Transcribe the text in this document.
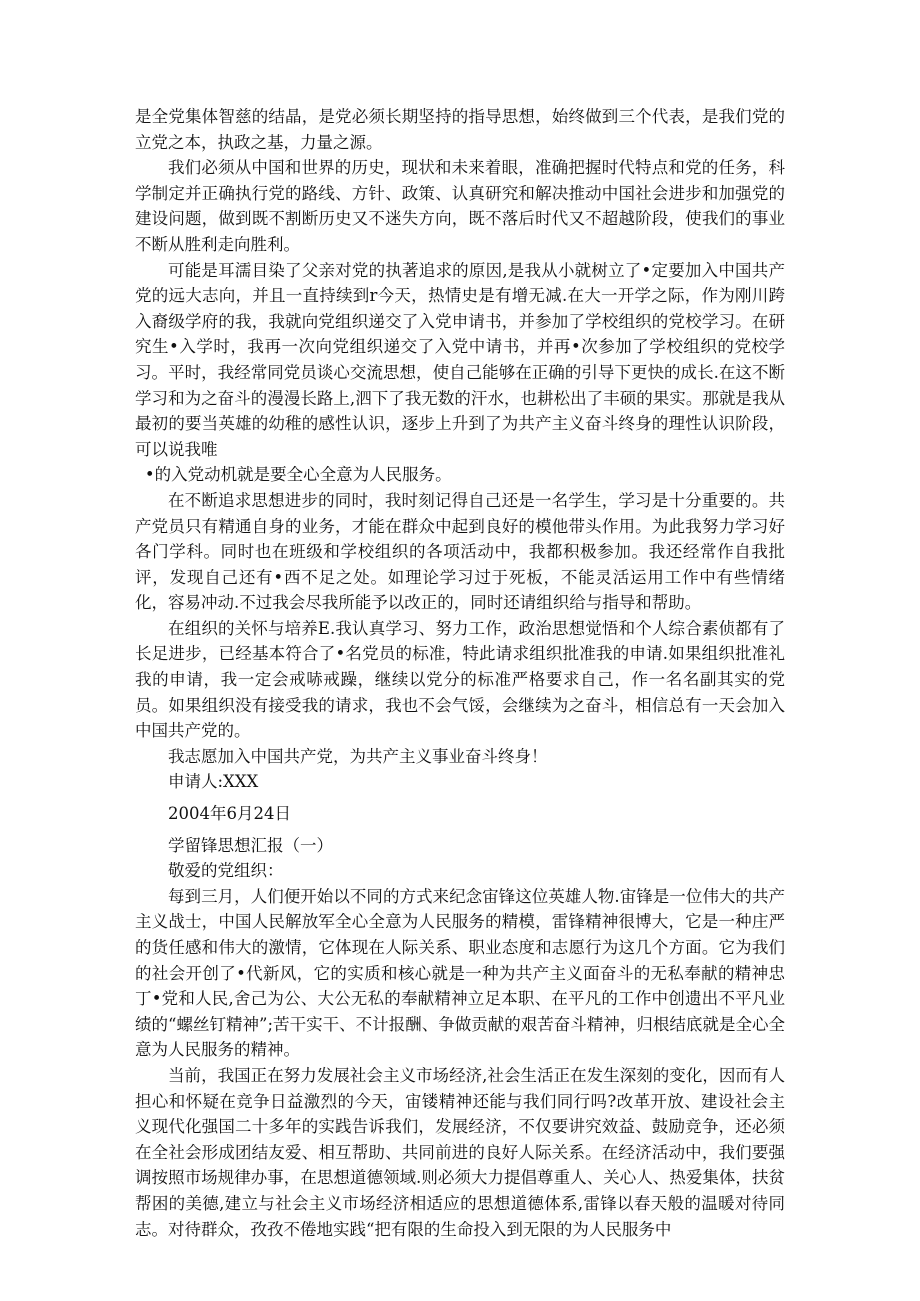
是全党集体智慈的结晶，是党必须长期坚持的指导思想，始终做到三个代表，是我们党的立党之本，执政之基，力量之源。

我们必须从中国和世界的历史，现状和未来着眼，准确把握时代特点和党的任务，科学制定并正确执行党的路线、方针、政策、认真研究和解决推动中国社会进步和加强党的建设问题，做到既不割断历史又不迷失方向，既不落后时代又不超越阶段，使我们的事业不断从胜利走向胜利。

可能是耳濡目染了父亲对党的执著追求的原因,是我从小就树立了•定要加入中国共产党的远大志向，并且一直持续到r今天，热情史是有增无减.在大一开学之际，作为刚川跨入裔级学府的我，我就向党组织递交了入党申请书，并参加了学校组织的党校学习。在研究生•入学时，我再一次向党组织递交了入党中请书，并再•次参加了学校组织的党校学习。平时，我经常同党员谈心交流思想，使自己能够在正确的引导下更快的成长.在这不断学习和为之奋斗的漫漫长路上,泗下了我无数的汗水，也耕松出了丰硕的果实。那就是我从最初的要当英雄的幼稚的感性认识，逐步上升到了为共产主义奋斗终身的理性认识阶段，可以说我唯

•的入党动机就是要全心全意为人民服务。

在不断追求思想进步的同时，我时刻记得自己还是一名学生，学习是十分重要的。共产党员只有精通自身的业务，才能在群众中起到良好的模他带头作用。为此我努力学习好各门学科。同时也在班级和学校组织的各项活动中，我都积极参加。我还经常作自我批评，发现自己还有•西不足之处。如理论学习过于死板，不能灵活运用工作中有些情绪化，容易冲动.不过我会尽我所能予以改正的，同时还请组织给与指导和帮助。

在组织的关怀与培养E.我认真学习、努力工作，政治思想觉悟和个人综合素侦都有了长足进步，已经基本符合了•名党员的标准，特此请求组织批准我的申请.如果组织批准礼我的申请，我一定会戒哧戒躁，继续以党分的标准严格要求自己，作一名名副其实的党员。如果组织没有接受我的请求，我也不会气馁，会继续为之奋斗，相信总有一天会加入中国共产党的。

我志愿加入中国共产党，为共产主义事业奋斗终身！

申请人:XXX

2004年6月24日

学留锋思想汇报（一）

敬爱的党组织：

每到三月，人们便开始以不同的方式来纪念宙锋这位英雄人物.宙锋是一位伟大的共产主义战士，中国人民解放军全心全意为人民服务的精模，雷锋精神很博大，它是一种庄严的货任感和伟大的激情，它体现在人际关系、职业态度和志愿行为这几个方面。它为我们的社会开创了•代新风，它的实质和核心就是一种为共产主义面奋斗的无私奉献的精神忠丁•党和人民,舍己为公、大公无私的奉献精神立足本职、在平凡的工作中创遗出不平凡业绩的“螺丝钉精神”;苦干实干、不计报酬、争做贡献的艰苦奋斗精神，归根结底就是全心全意为人民服务的精神。

当前，我国正在努力发展社会主义市场经济,社会生活正在发生深刻的变化，因而有人担心和怀疑在竞争日益激烈的今天，宙镂精神还能与我们同行吗?改革开放、建设社会主义现代化强国二十多年的实践告诉我们，发展经济，不仅要讲究效益、鼓励竞争，还必须在全社会形成团结友爱、相互帮助、共同前进的良好人际关系。在经济活动中，我们要强调按照市场规律办事，在思想道德领域.则必须大力提倡尊重人、关心人、热爱集体，扶贫帮困的美德,建立与社会主义市场经济相适应的思想道德体系,雷锋以春天般的温暖对待同志。对待群众，孜孜不倦地实践“把有限的生命投入到无限的为人民服务中
